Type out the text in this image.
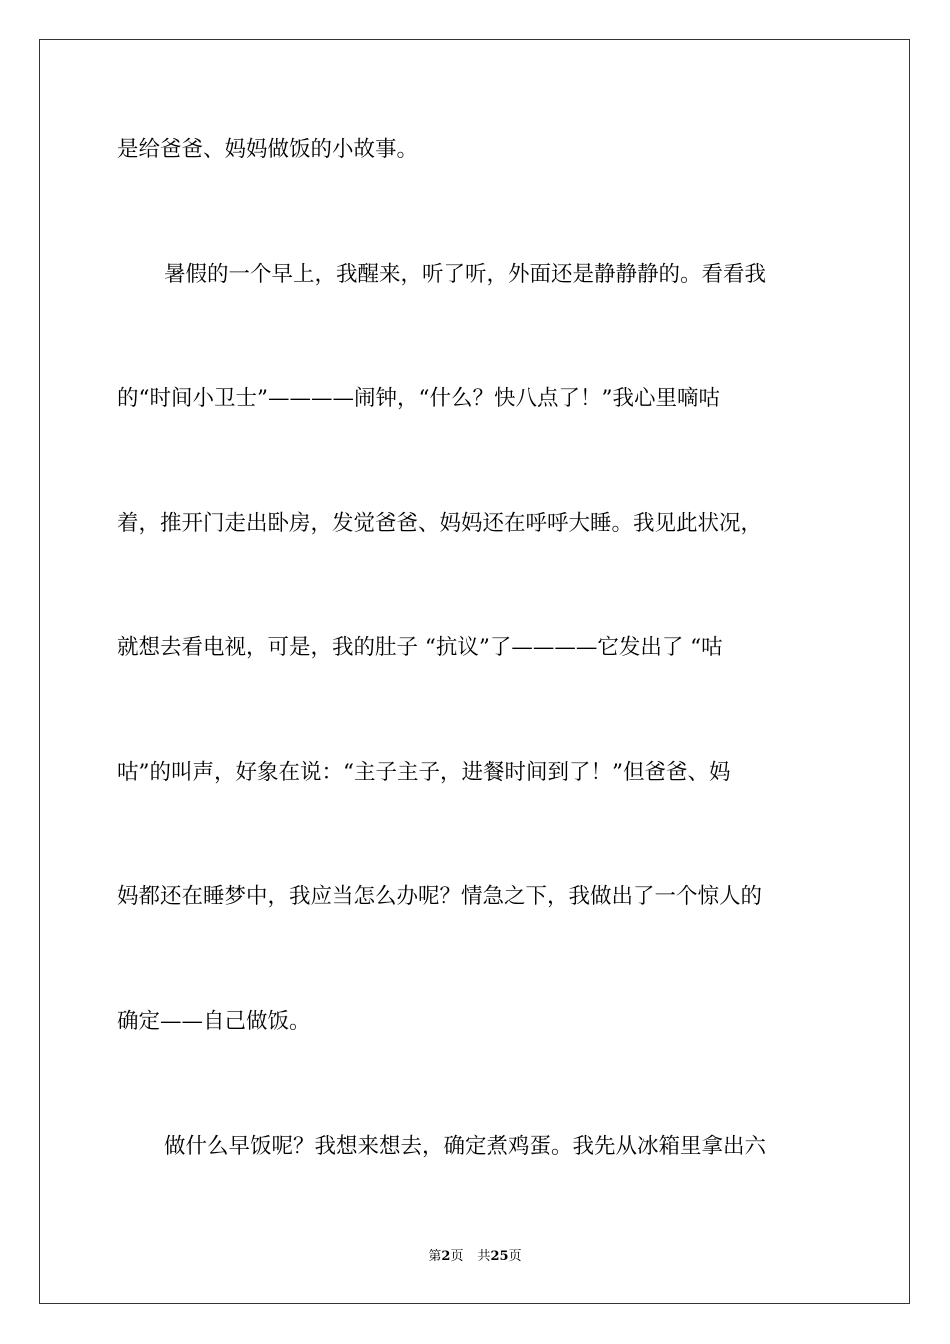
是给爸爸、妈妈做饭的小故事。
暑假的一个早上，我醒来，听了听，外面还是静静静的。看看我
的“时间小卫士”————闹钟，“什么？快八点了！”我心里嘀咕
着，推开门走出卧房，发觉爸爸、妈妈还在呼呼大睡。我见此状况，
就想去看电视，可是，我的肚子 “抗议”了————它发出了 “咕
咕”的叫声，好象在说：“主子主子，进餐时间到了！”但爸爸、妈
妈都还在睡梦中，我应当怎么办呢？情急之下，我做出了一个惊人的
确定——自己做饭。
做什么早饭呢？我想来想去，确定煮鸡蛋。我先从冰箱里拿出六
第2页 共25页
